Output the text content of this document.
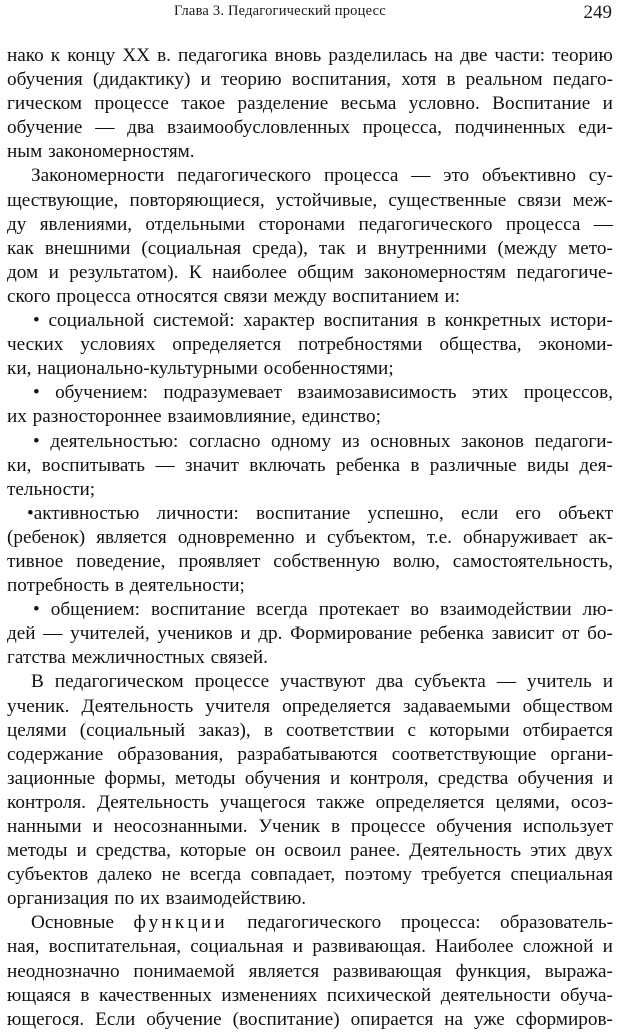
Глава 3. Педагогический процесс	249
нако к концу XX в. педагогика вновь разделилась на две части: теорию
обучения (дидактику) и теорию воспитания, хотя в реальном педаго-
гическом процессе такое разделение весьма условно. Воспитание и
обучение — два взаимообусловленных процесса, подчиненных еди-
ным закономерностям.
Закономерности педагогического процесса — это объективно су-
ществующие, повторяющиеся, устойчивые, существенные связи меж-
ду явлениями, отдельными сторонами педагогического процесса —
как внешними (социальная среда), так и внутренними (между мето-
дом и результатом). К наиболее общим закономерностям педагогиче-
ского процесса относятся связи между воспитанием и:
• социальной системой: характер воспитания в конкретных истори-
ческих условиях определяется потребностями общества, экономи-
ки, национально-культурными особенностями;
• обучением: подразумевает взаимозависимость этих процессов,
их разностороннее взаимовлияние, единство;
• деятельностью: согласно одному из основных законов педагоги-
ки, воспитывать — значит включать ребенка в различные виды дея-
тельности;
•активностью личности: воспитание успешно, если его объект
(ребенок) является одновременно и субъектом, т.е. обнаруживает ак-
тивное поведение, проявляет собственную волю, самостоятельность,
потребность в деятельности;
• общением: воспитание всегда протекает во взаимодействии лю-
дей — учителей, учеников и др. Формирование ребенка зависит от бо-
гатства межличностных связей.
В педагогическом процессе участвуют два субъекта — учитель и
ученик. Деятельность учителя определяется задаваемыми обществом
целями (социальный заказ), в соответствии с которыми отбирается
содержание образования, разрабатываются соответствующие органи-
зационные формы, методы обучения и контроля, средства обучения и
контроля. Деятельность учащегося также определяется целями, осоз-
нанными и неосознанными. Ученик в процессе обучения использует
методы и средства, которые он освоил ранее. Деятельность этих двух
субъектов далеко не всегда совпадает, поэтому требуется специальная
организация по их взаимодействию.
Основные функции педагогического процесса: образователь-
ная, воспитательная, социальная и развивающая. Наиболее сложной и
неоднозначно понимаемой является развивающая функция, выража-
ющаяся в качественных изменениях психической деятельности обуча-
ющегося. Если обучение (воспитание) опирается на уже сформиров-
